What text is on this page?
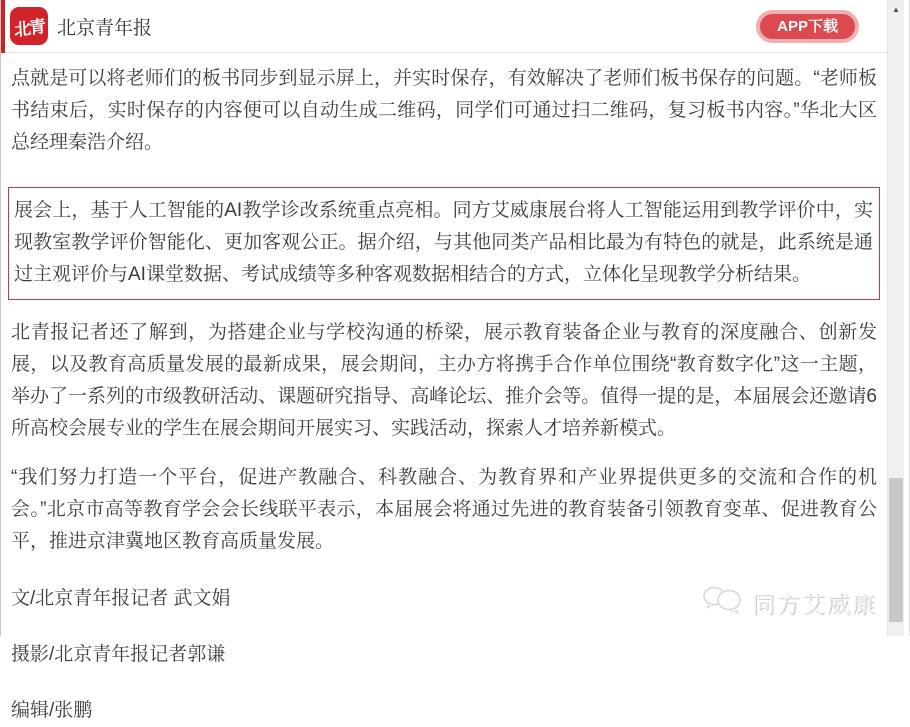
北青 北京青年报	APP下载

点就是可以将老师们的板书同步到显示屏上，并实时保存，有效解决了老师们板书保存的问题。“老师板书结束后，实时保存的内容便可以自动生成二维码，同学们可通过扫二维码，复习板书内容。”华北大区总经理秦浩介绍。

展会上，基于人工智能的AI教学诊改系统重点亮相。同方艾威康展台将人工智能运用到教学评价中，实现教室教学评价智能化、更加客观公正。据介绍，与其他同类产品相比最为有特色的就是，此系统是通过主观评价与AI课堂数据、考试成绩等多种客观数据相结合的方式，立体化呈现教学分析结果。

北青报记者还了解到，为搭建企业与学校沟通的桥梁，展示教育装备企业与教育的深度融合、创新发展，以及教育高质量发展的最新成果，展会期间，主办方将携手合作单位围绕“教育数字化”这一主题，举办了一系列的市级教研活动、课题研究指导、高峰论坛、推介会等。值得一提的是，本届展会还邀请6所高校会展专业的学生在展会期间开展实习、实践活动，探索人才培养新模式。

“我们努力打造一个平台，促进产教融合、科教融合、为教育界和产业界提供更多的交流和合作的机会。”北京市高等教育学会会长线联平表示，本届展会将通过先进的教育装备引领教育变革、促进教育公平，推进京津冀地区教育高质量发展。

文/北京青年报记者 武文娟

摄影/北京青年报记者郭谦

编辑/张鹏

同方艾威康
▲
